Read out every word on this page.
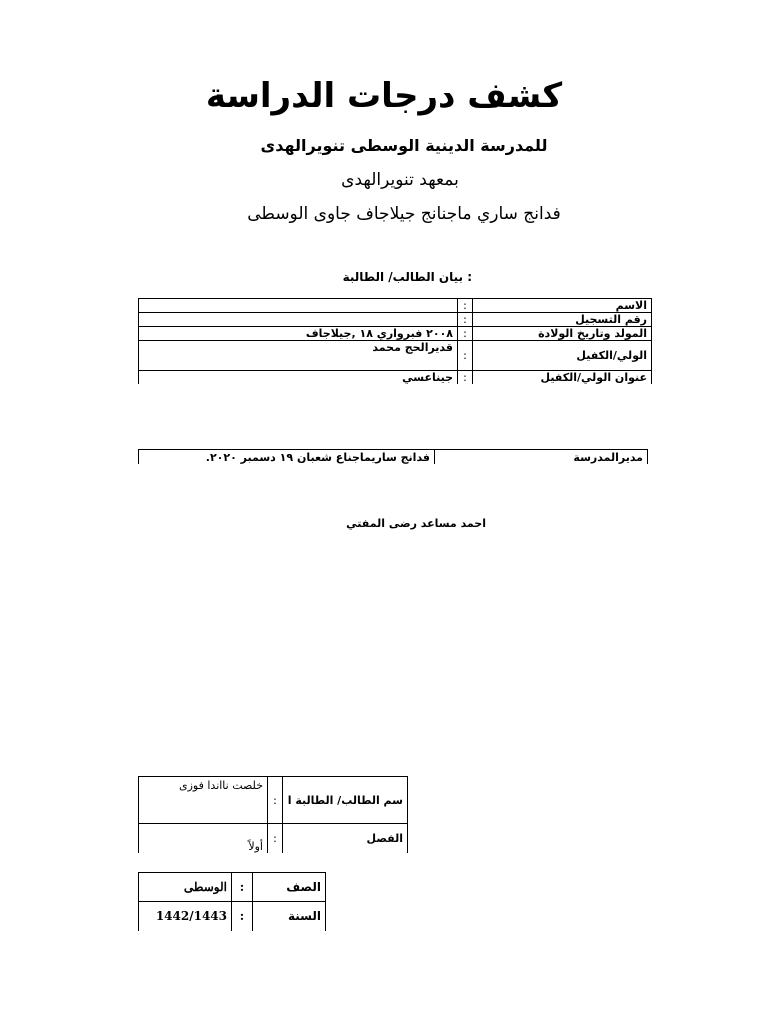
كشف درجات الدراسة
للمدرسة الدينية الوسطى تنويرالهدى
بمعهد تنويرالهدى
فدانج ساري ماجنانج جيلاجاف جاوى الوسطى
: بيان الطالب/ الطالبة
	:	الاسم
	:	رقم التسجيل
٢٠٠٨ فبرواري ١٨ ,جيلاجاف	:	المولد وتاريخ الولادة
قديرالحج محمد	:	الولي/الكفيل
جيناعسي	:	عنوان الولي/الكفيل
فدانج ساريماجناع شعبان ١٩ دسمبر ٢٠٢٠.	مديرالمدرسة
احمد مساعد رضى المفتي
خلصت نااندا فوزى	:	سم الطالب/ الطالبة ا
أولاً	:	الفصل
الوسطى	:	الصف
1442/1443	:	السنة
